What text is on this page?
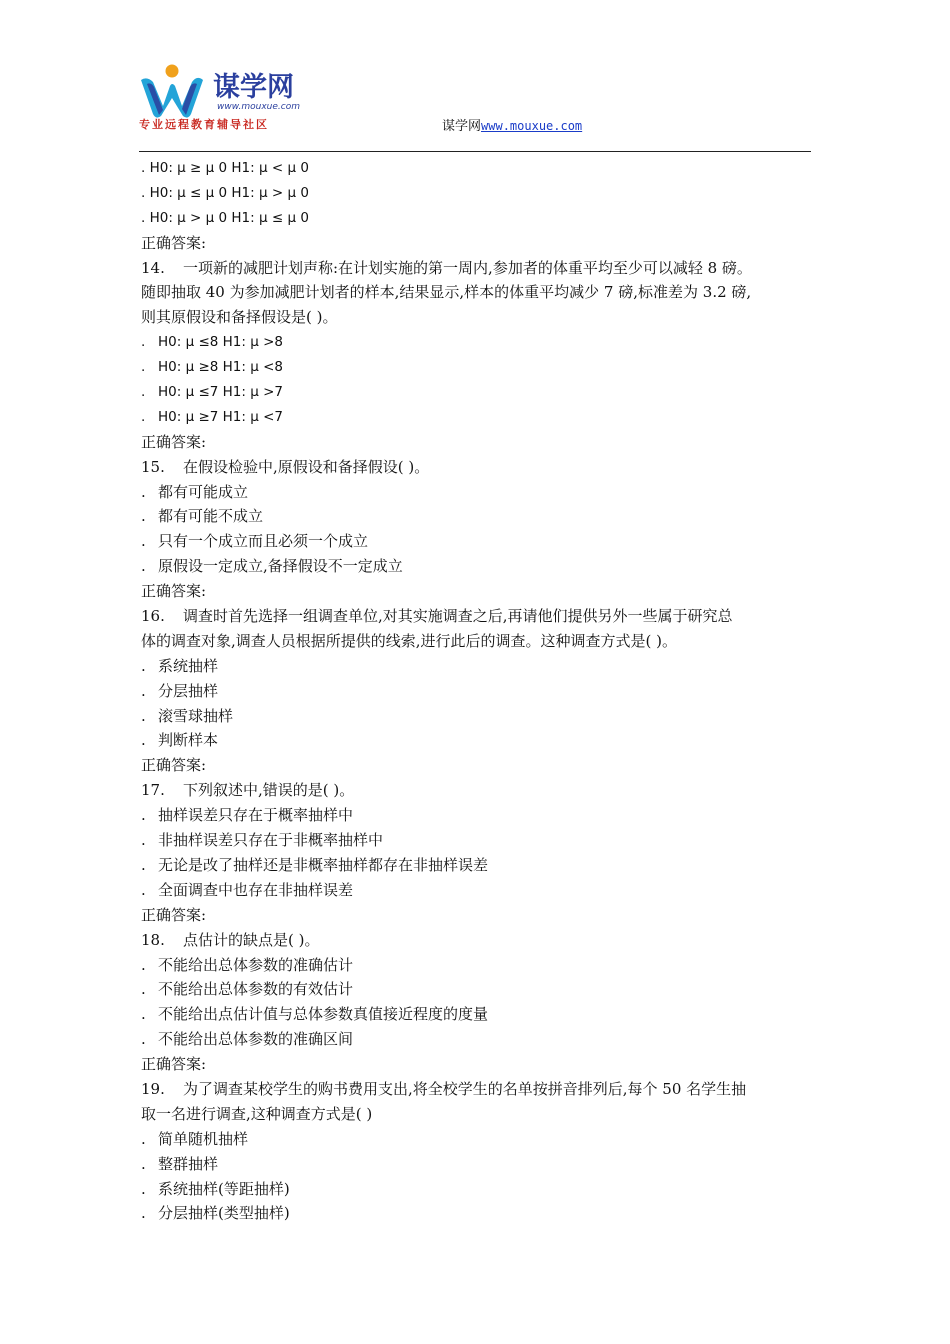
谋学网
www.mouxue.com
专业远程教育辅导社区	谋学网www.mouxue.com
. H0: μ ≥ μ 0 H1: μ < μ 0
. H0: μ ≤ μ 0 H1: μ > μ 0
. H0: μ > μ 0 H1: μ ≤ μ 0
正确答案:
14. 一项新的减肥计划声称:在计划实施的第一周内,参加者的体重平均至少可以减轻 8 磅。
随即抽取 40 为参加减肥计划者的样本,结果显示,样本的体重平均减少 7 磅,标准差为 3.2 磅,
则其原假设和备择假设是( )。
. H0: μ ≤8 H1: μ >8
. H0: μ ≥8 H1: μ <8
. H0: μ ≤7 H1: μ >7
. H0: μ ≥7 H1: μ <7
正确答案:
15. 在假设检验中,原假设和备择假设( )。
. 都有可能成立
. 都有可能不成立
. 只有一个成立而且必须一个成立
. 原假设一定成立,备择假设不一定成立
正确答案:
16. 调查时首先选择一组调查单位,对其实施调查之后,再请他们提供另外一些属于研究总
体的调查对象,调查人员根据所提供的线索,进行此后的调查。这种调查方式是( )。
. 系统抽样
. 分层抽样
. 滚雪球抽样
. 判断样本
正确答案:
17. 下列叙述中,错误的是( )。
. 抽样误差只存在于概率抽样中
. 非抽样误差只存在于非概率抽样中
. 无论是改了抽样还是非概率抽样都存在非抽样误差
. 全面调查中也存在非抽样误差
正确答案:
18. 点估计的缺点是( )。
. 不能给出总体参数的准确估计
. 不能给出总体参数的有效估计
. 不能给出点估计值与总体参数真值接近程度的度量
. 不能给出总体参数的准确区间
正确答案:
19. 为了调查某校学生的购书费用支出,将全校学生的名单按拼音排列后,每个 50 名学生抽
取一名进行调查,这种调查方式是( )
. 简单随机抽样
. 整群抽样
. 系统抽样(等距抽样)
. 分层抽样(类型抽样)
